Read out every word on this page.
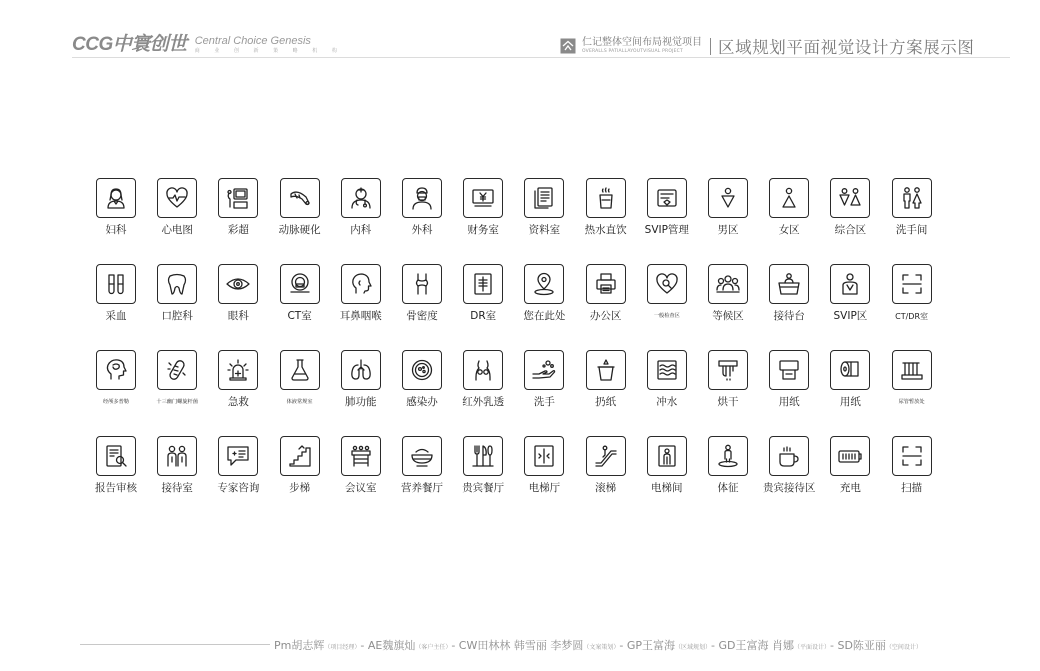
CCG中寰创世 Central Choice Genesis
商 业 创 新 策 略 机 构
仁记整体空间布局视觉项目
OVERALLS PATIALLAYOUTVISUAL PROJECT	区域规划平面视觉设计方案展示图
妇科	心电图	彩超	动脉硬化	内科	外科	财务室	资料室	热水直饮	SVIP管理	男区	女区	综合区	洗手间
采血	口腔科	眼科	CT室	耳鼻咽喉	骨密度	DR室	您在此处	办公区	一般检查区	等候区	接待台	SVIP区	CT/DR室
经颅多普勒	十三幽门螺旋杆菌	急救	体液常规室	肺功能	感染办	红外乳透	洗手	扔纸	冲水	烘干	用纸	用纸	尿管暂放处
报告审核	接待室	专家咨询	步梯	会议室	营养餐厅	贵宾餐厅	电梯厅	滚梯	电梯间	体征	贵宾接待区	充电	扫描
Pm胡志辉（项目经理）- AE魏旗灿（客户主任）- CW田林林 韩雪丽 李梦圆（文案策划）- GP王富海（区域规划）- GD王富海 肖娜（平面设计）- SD陈亚丽（空间设计）
